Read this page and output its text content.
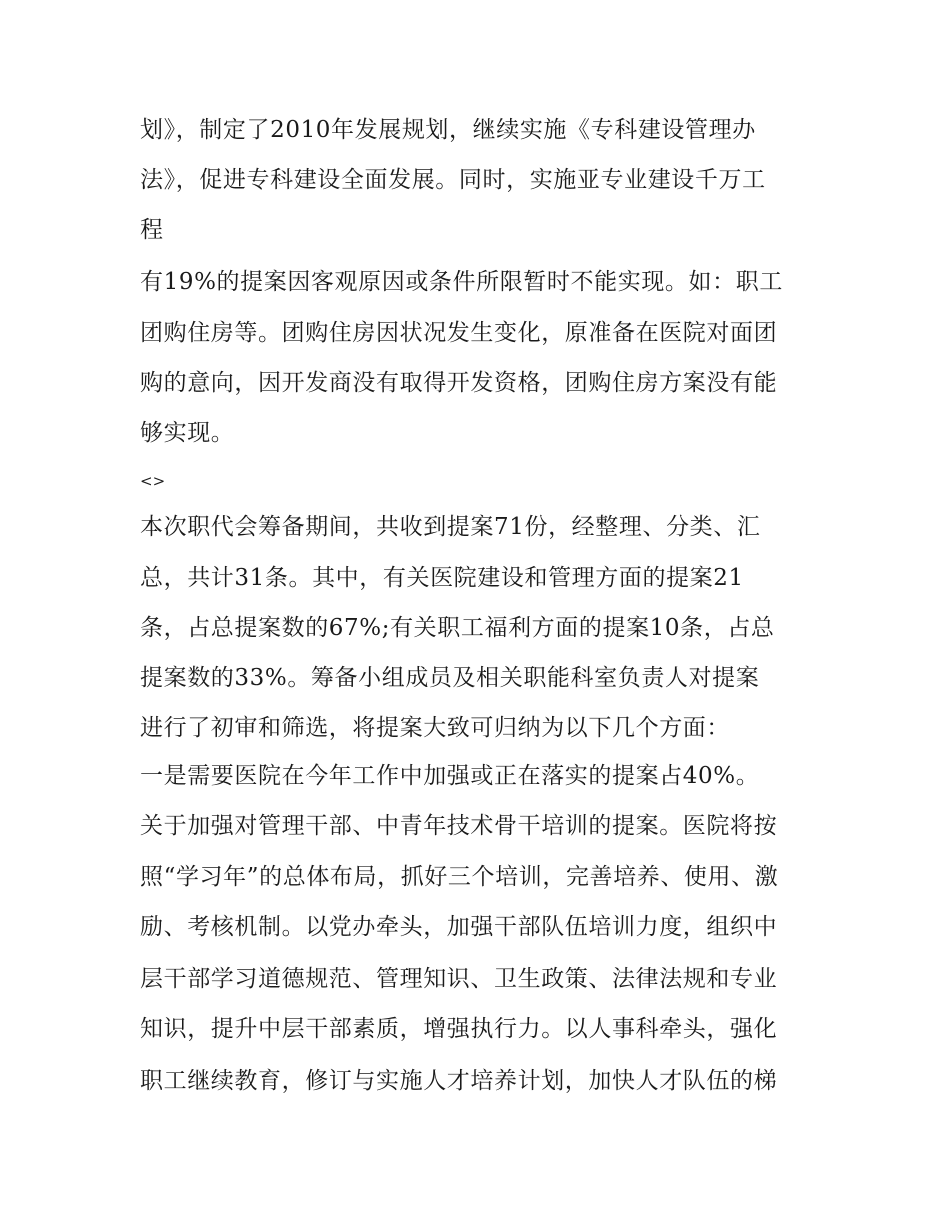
划》，制定了2010年发展规划，继续实施《专科建设管理办
法》，促进专科建设全面发展。同时，实施亚专业建设千万工
程
有19%的提案因客观原因或条件所限暂时不能实现。如：职工
团购住房等。团购住房因状况发生变化，原准备在医院对面团
购的意向，因开发商没有取得开发资格，团购住房方案没有能
够实现。
<>
本次职代会筹备期间，共收到提案71份，经整理、分类、汇
总，共计31条。其中，有关医院建设和管理方面的提案21
条，占总提案数的67%;有关职工福利方面的提案10条，占总
提案数的33%。筹备小组成员及相关职能科室负责人对提案
进行了初审和筛选，将提案大致可归纳为以下几个方面：
一是需要医院在今年工作中加强或正在落实的提案占40%。
关于加强对管理干部、中青年技术骨干培训的提案。医院将按
照“学习年”的总体布局，抓好三个培训，完善培养、使用、激
励、考核机制。以党办牵头，加强干部队伍培训力度，组织中
层干部学习道德规范、管理知识、卫生政策、法律法规和专业
知识，提升中层干部素质，增强执行力。以人事科牵头，强化
职工继续教育，修订与实施人才培养计划，加快人才队伍的梯
